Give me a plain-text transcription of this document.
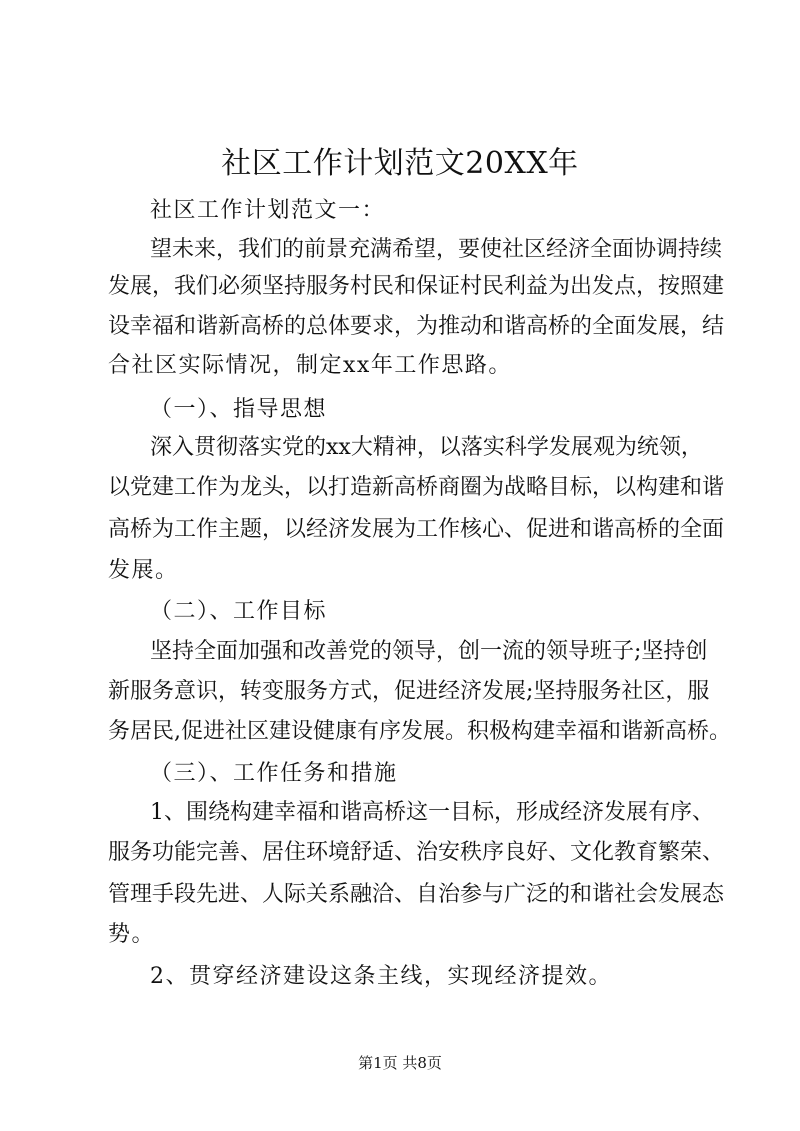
社区工作计划范文20XX年
社区工作计划范文一：
望未来，我们的前景充满希望，要使社区经济全面协调持续
发展，我们必须坚持服务村民和保证村民利益为出发点，按照建
设幸福和谐新高桥的总体要求，为推动和谐高桥的全面发展，结
合社区实际情况，制定xx年工作思路。
（一）、指导思想
深入贯彻落实党的xx大精神，以落实科学发展观为统领，
以党建工作为龙头，以打造新高桥商圈为战略目标，以构建和谐
高桥为工作主题，以经济发展为工作核心、促进和谐高桥的全面
发展。
（二）、工作目标
坚持全面加强和改善党的领导，创一流的领导班子;坚持创
新服务意识，转变服务方式，促进经济发展;坚持服务社区，服
务居民,促进社区建设健康有序发展。积极构建幸福和谐新高桥。
（三）、工作任务和措施
1、围绕构建幸福和谐高桥这一目标，形成经济发展有序、
服务功能完善、居住环境舒适、治安秩序良好、文化教育繁荣、
管理手段先进、人际关系融洽、自治参与广泛的和谐社会发展态
势。
2、贯穿经济建设这条主线，实现经济提效。
第1页 共8页
